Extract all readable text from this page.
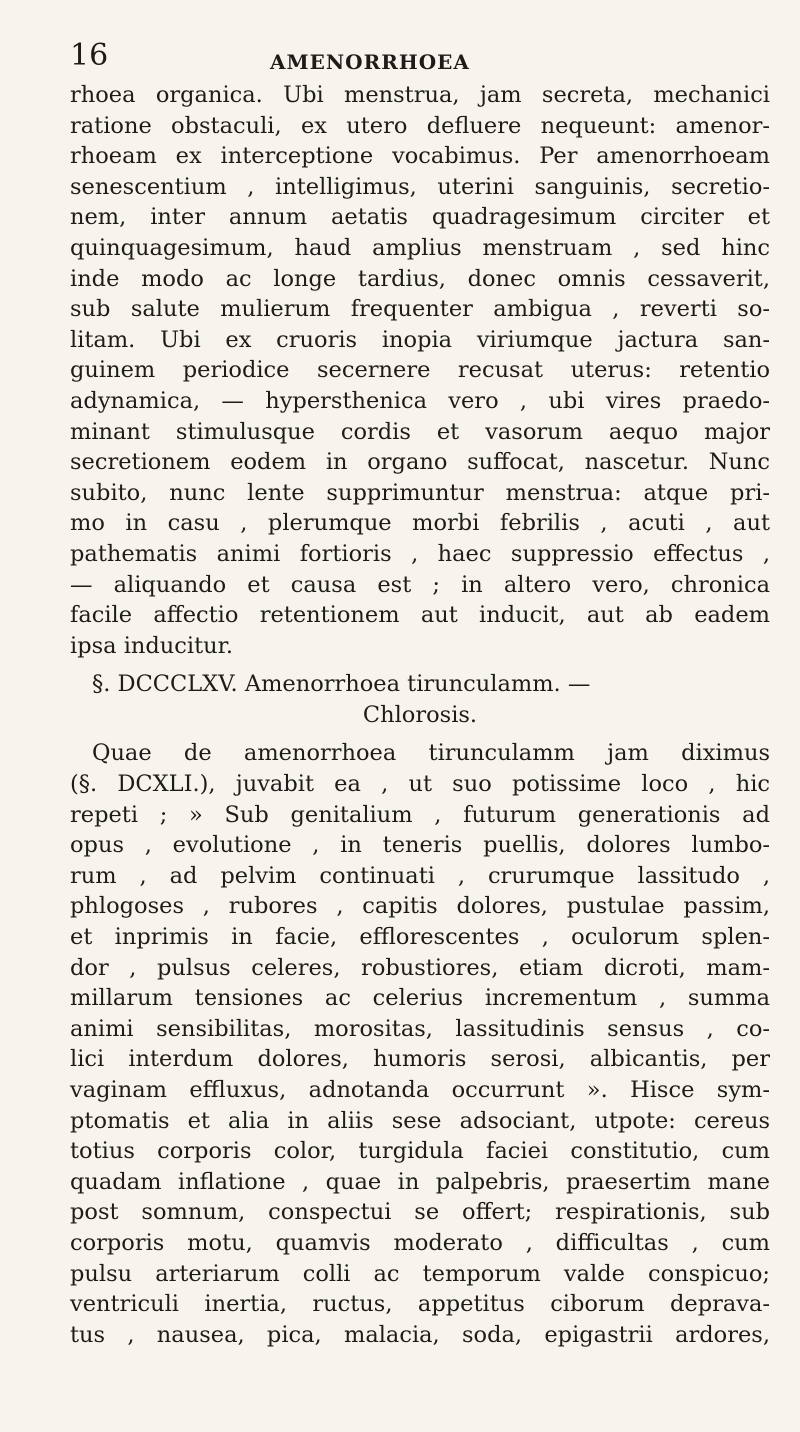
16	AMENORRHOEA
rhoea organica. Ubi menstrua, jam secreta, mechanici
ratione obstaculi, ex utero defluere nequeunt: amenor-
rhoeam ex interceptione vocabimus. Per amenorrhoeam
senescentium , intelligimus, uterini sanguinis, secretio-
nem, inter annum aetatis quadragesimum circiter et
quinquagesimum, haud amplius menstruam , sed hinc
inde modo ac longe tardius, donec omnis cessaverit,
sub salute mulierum frequenter ambigua , reverti so-
litam. Ubi ex cruoris inopia viriumque jactura san-
guinem periodice secernere recusat uterus: retentio
adynamica, — hypersthenica vero , ubi vires praedo-
minant stimulusque cordis et vasorum aequo major
secretionem eodem in organo suffocat, nascetur. Nunc
subito, nunc lente supprimuntur menstrua: atque pri-
mo in casu , plerumque morbi febrilis , acuti , aut
pathematis animi fortioris , haec suppressio effectus ,
— aliquando et causa est ; in altero vero, chronica
facile affectio retentionem aut inducit, aut ab eadem
ipsa inducitur.
§. DCCCLXV. Amenorrhoea tirunculamm. —
Chlorosis.
Quae de amenorrhoea tirunculamm jam diximus
(§. DCXLI.), juvabit ea , ut suo potissime loco , hic
repeti ; » Sub genitalium , futurum generationis ad
opus , evolutione , in teneris puellis, dolores lumbo-
rum , ad pelvim continuati , crurumque lassitudo ,
phlogoses , rubores , capitis dolores, pustulae passim,
et inprimis in facie, efflorescentes , oculorum splen-
dor , pulsus celeres, robustiores, etiam dicroti, mam-
millarum tensiones ac celerius incrementum , summa
animi sensibilitas, morositas, lassitudinis sensus , co-
lici interdum dolores, humoris serosi, albicantis, per
vaginam effluxus, adnotanda occurrunt ». Hisce sym-
ptomatis et alia in aliis sese adsociant, utpote: cereus
totius corporis color, turgidula faciei constitutio, cum
quadam inflatione , quae in palpebris, praesertim mane
post somnum, conspectui se offert; respirationis, sub
corporis motu, quamvis moderato , difficultas , cum
pulsu arteriarum colli ac temporum valde conspicuo;
ventriculi inertia, ructus, appetitus ciborum deprava-
tus , nausea, pica, malacia, soda, epigastrii ardores,
